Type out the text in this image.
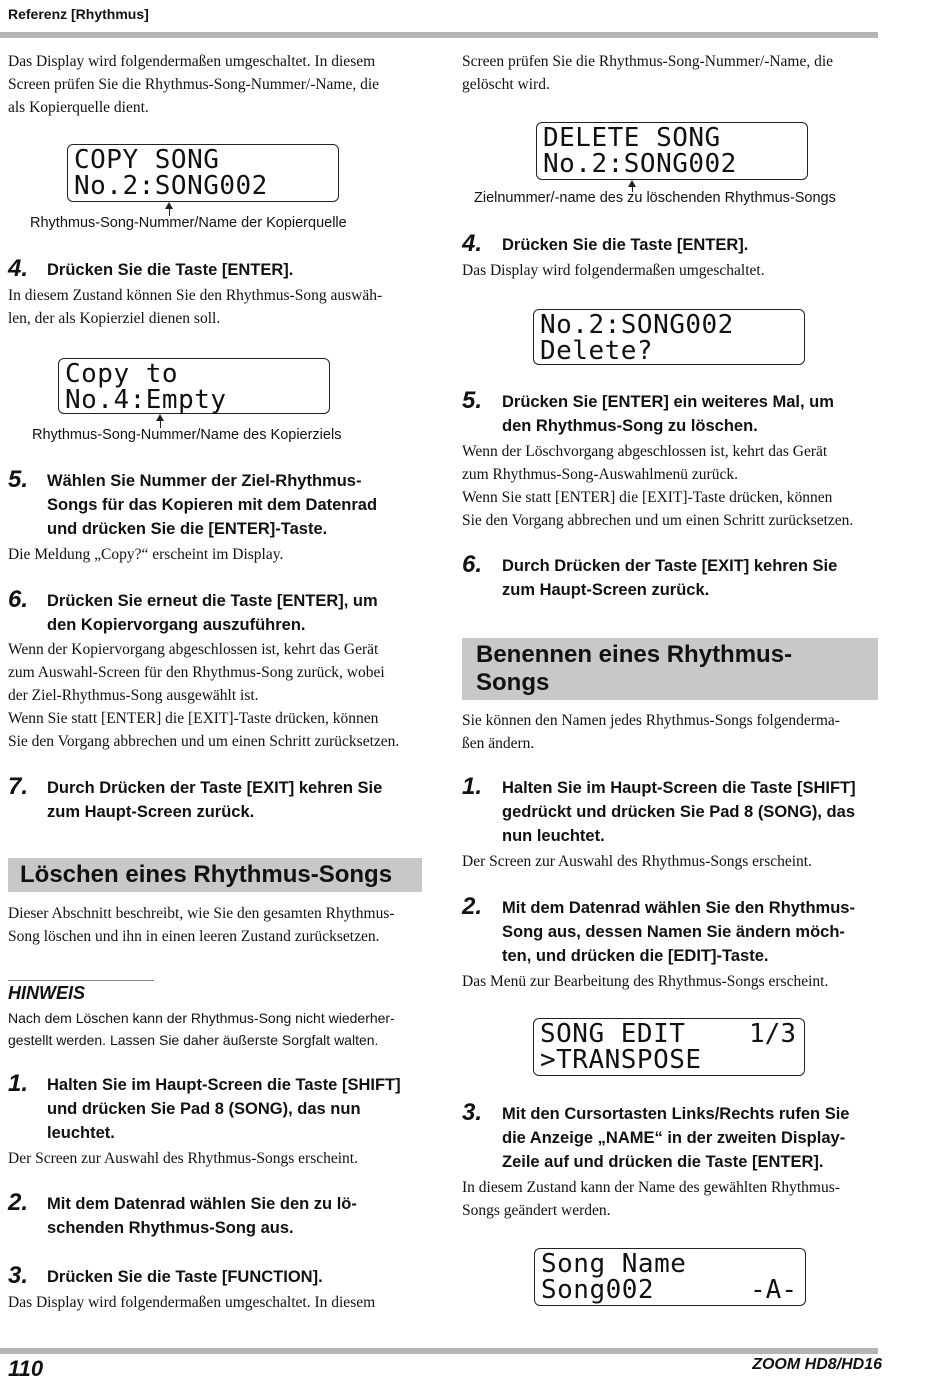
Referenz [Rhythmus]
Das Display wird folgendermaßen umgeschaltet. In diesem
Screen prüfen Sie die Rhythmus-Song-Nummer/-Name, die
als Kopierquelle dient.
COPY SONG
No.2:SONG002
Rhythmus-Song-Nummer/Name der Kopierquelle
4. Drücken Sie die Taste [ENTER].
In diesem Zustand können Sie den Rhythmus-Song auswäh-
len, der als Kopierziel dienen soll.
Copy to
No.4:Empty
Rhythmus-Song-Nummer/Name des Kopierziels
5. Wählen Sie Nummer der Ziel-Rhythmus-
Songs für das Kopieren mit dem Datenrad
und drücken Sie die [ENTER]-Taste.
Die Meldung „Copy?“ erscheint im Display.
6. Drücken Sie erneut die Taste [ENTER], um
den Kopiervorgang auszuführen.
Wenn der Kopiervorgang abgeschlossen ist, kehrt das Gerät
zum Auswahl-Screen für den Rhythmus-Song zurück, wobei
der Ziel-Rhythmus-Song ausgewählt ist.
Wenn Sie statt [ENTER] die [EXIT]-Taste drücken, können
Sie den Vorgang abbrechen und um einen Schritt zurücksetzen.
7. Durch Drücken der Taste [EXIT] kehren Sie
zum Haupt-Screen zurück.
Löschen eines Rhythmus-Songs
Dieser Abschnitt beschreibt, wie Sie den gesamten Rhythmus-
Song löschen und ihn in einen leeren Zustand zurücksetzen.
HINWEIS
Nach dem Löschen kann der Rhythmus-Song nicht wiederher-
gestellt werden. Lassen Sie daher äußerste Sorgfalt walten.
1. Halten Sie im Haupt-Screen die Taste [SHIFT]
und drücken Sie Pad 8 (SONG), das nun
leuchtet.
Der Screen zur Auswahl des Rhythmus-Songs erscheint.
2. Mit dem Datenrad wählen Sie den zu lö-
schenden Rhythmus-Song aus.
3. Drücken Sie die Taste [FUNCTION].
Das Display wird folgendermaßen umgeschaltet. In diesem
Screen prüfen Sie die Rhythmus-Song-Nummer/-Name, die
gelöscht wird.
DELETE SONG
No.2:SONG002
Zielnummer/-name des zu löschenden Rhythmus-Songs
4. Drücken Sie die Taste [ENTER].
Das Display wird folgendermaßen umgeschaltet.
No.2:SONG002
Delete?
5. Drücken Sie [ENTER] ein weiteres Mal, um
den Rhythmus-Song zu löschen.
Wenn der Löschvorgang abgeschlossen ist, kehrt das Gerät
zum Rhythmus-Song-Auswahlmenü zurück.
Wenn Sie statt [ENTER] die [EXIT]-Taste drücken, können
Sie den Vorgang abbrechen und um einen Schritt zurücksetzen.
6. Durch Drücken der Taste [EXIT] kehren Sie
zum Haupt-Screen zurück.
Benennen eines Rhythmus-
Songs
Sie können den Namen jedes Rhythmus-Songs folgenderma-
ßen ändern.
1. Halten Sie im Haupt-Screen die Taste [SHIFT]
gedrückt und drücken Sie Pad 8 (SONG), das
nun leuchtet.
Der Screen zur Auswahl des Rhythmus-Songs erscheint.
2. Mit dem Datenrad wählen Sie den Rhythmus-
Song aus, dessen Namen Sie ändern möch-
ten, und drücken die [EDIT]-Taste.
Das Menü zur Bearbeitung des Rhythmus-Songs erscheint.
SONG EDIT 1/3
>TRANSPOSE
3. Mit den Cursortasten Links/Rechts rufen Sie
die Anzeige „NAME“ in der zweiten Display-
Zeile auf und drücken die Taste [ENTER].
In diesem Zustand kann der Name des gewählten Rhythmus-
Songs geändert werden.
Song Name
Song002	-A-
110	ZOOM HD8/HD16
